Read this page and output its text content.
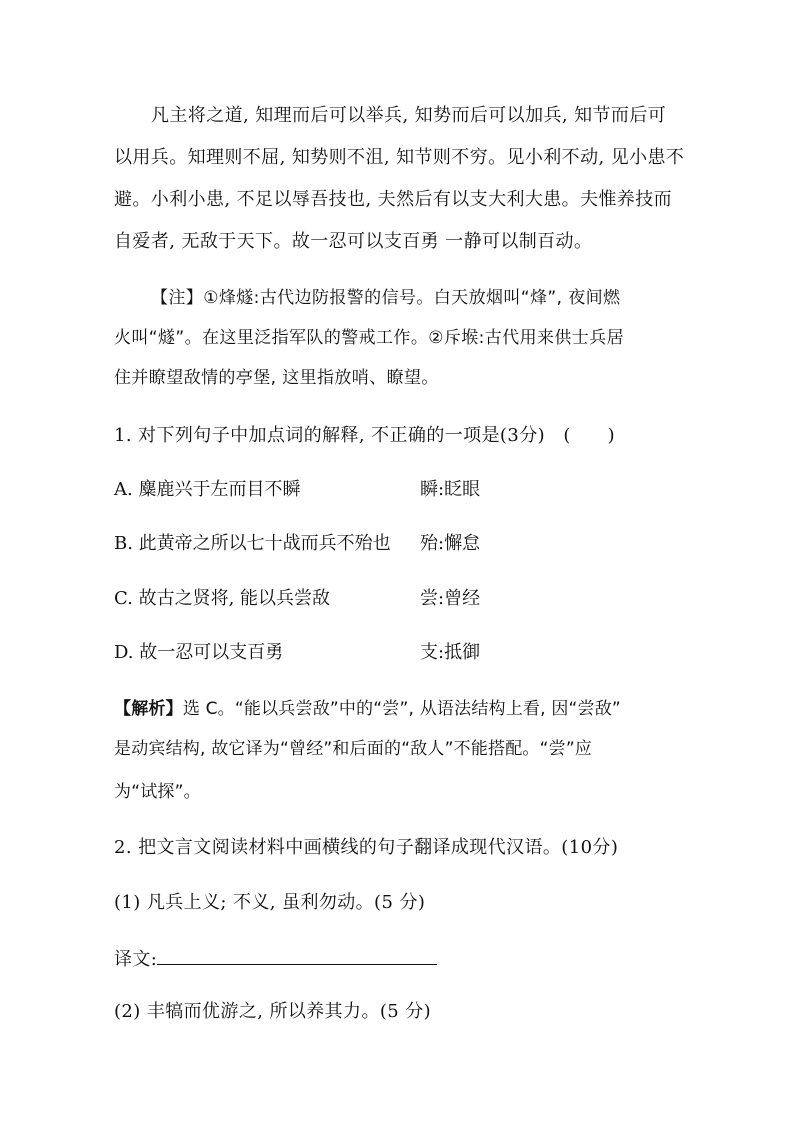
凡主将之道, 知理而后可以举兵, 知势而后可以加兵, 知节而后可
以用兵。知理则不屈, 知势则不沮, 知节则不穷。见小利不动, 见小患不
避。小利小患, 不足以辱吾技也, 夫然后有以支大利大患。夫惟养技而
自爱者, 无敌于天下。故一忍可以支百勇 一静可以制百动。
【注】①烽燧:古代边防报警的信号。白天放烟叫“烽”, 夜间燃
火叫“燧”。在这里泛指军队的警戒工作。②斥堠:古代用来供士兵居
住并瞭望敌情的亭堡, 这里指放哨、瞭望。
1. 对下列句子中加点词的解释, 不正确的一项是(3分)　(　　)
A. 麋鹿兴于左而目不瞬	瞬:眨眼
B. 此黄帝之所以七十战而兵不殆也 殆:懈怠
C. 故古之贤将, 能以兵尝敌	尝:曾经
D. 故一忍可以支百勇	支:抵御
【解析】选 C。“能以兵尝敌”中的“尝”, 从语法结构上看, 因“尝敌”
是动宾结构, 故它译为“曾经”和后面的“敌人”不能搭配。“尝”应
为“试探”。
2. 把文言文阅读材料中画横线的句子翻译成现代汉语。(10分)
(1) 凡兵上义; 不义, 虽利勿动。(5 分)
译文:
(2) 丰犒而优游之, 所以养其力。(5 分)
